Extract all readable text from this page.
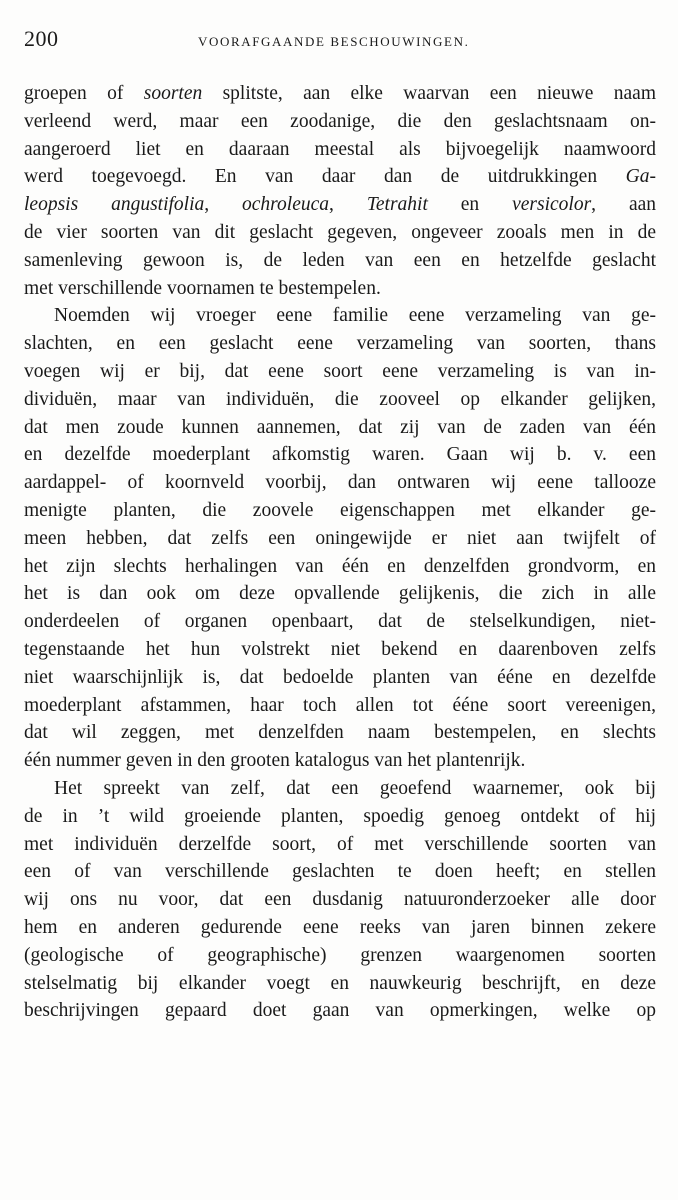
200	VOORAFGAANDE BESCHOUWINGEN.
groepen of soorten splitste, aan elke waarvan een nieuwe naam
verleend werd, maar een zoodanige, die den geslachtsnaam on-
aangeroerd liet en daaraan meestal als bijvoegelijk naamwoord
werd toegevoegd. En van daar dan de uitdrukkingen Ga-
leopsis angustifolia, ochroleuca, Tetrahit en versicolor, aan
de vier soorten van dit geslacht gegeven, ongeveer zooals men in de
samenleving gewoon is, de leden van een en hetzelfde geslacht
met verschillende voornamen te bestempelen.
Noemden wij vroeger eene familie eene verzameling van ge-
slachten, en een geslacht eene verzameling van soorten, thans
voegen wij er bij, dat eene soort eene verzameling is van in-
dividuën, maar van individuën, die zooveel op elkander gelijken,
dat men zoude kunnen aannemen, dat zij van de zaden van één
en dezelfde moederplant afkomstig waren. Gaan wij b. v. een
aardappel- of koornveld voorbij, dan ontwaren wij eene tallooze
menigte planten, die zoovele eigenschappen met elkander ge-
meen hebben, dat zelfs een oningewijde er niet aan twijfelt of
het zijn slechts herhalingen van één en denzelfden grondvorm, en
het is dan ook om deze opvallende gelijkenis, die zich in alle
onderdeelen of organen openbaart, dat de stelselkundigen, niet-
tegenstaande het hun volstrekt niet bekend en daarenboven zelfs
niet waarschijnlijk is, dat bedoelde planten van ééne en dezelfde
moederplant afstammen, haar toch allen tot ééne soort vereenigen,
dat wil zeggen, met denzelfden naam bestempelen, en slechts
één nummer geven in den grooten katalogus van het plantenrijk.
Het spreekt van zelf, dat een geoefend waarnemer, ook bij
de in ’t wild groeiende planten, spoedig genoeg ontdekt of hij
met individuën derzelfde soort, of met verschillende soorten van
een of van verschillende geslachten te doen heeft; en stellen
wij ons nu voor, dat een dusdanig natuuronderzoeker alle door
hem en anderen gedurende eene reeks van jaren binnen zekere
(geologische of geographische) grenzen waargenomen soorten
stelselmatig bij elkander voegt en nauwkeurig beschrijft, en deze
beschrijvingen gepaard doet gaan van opmerkingen, welke op
